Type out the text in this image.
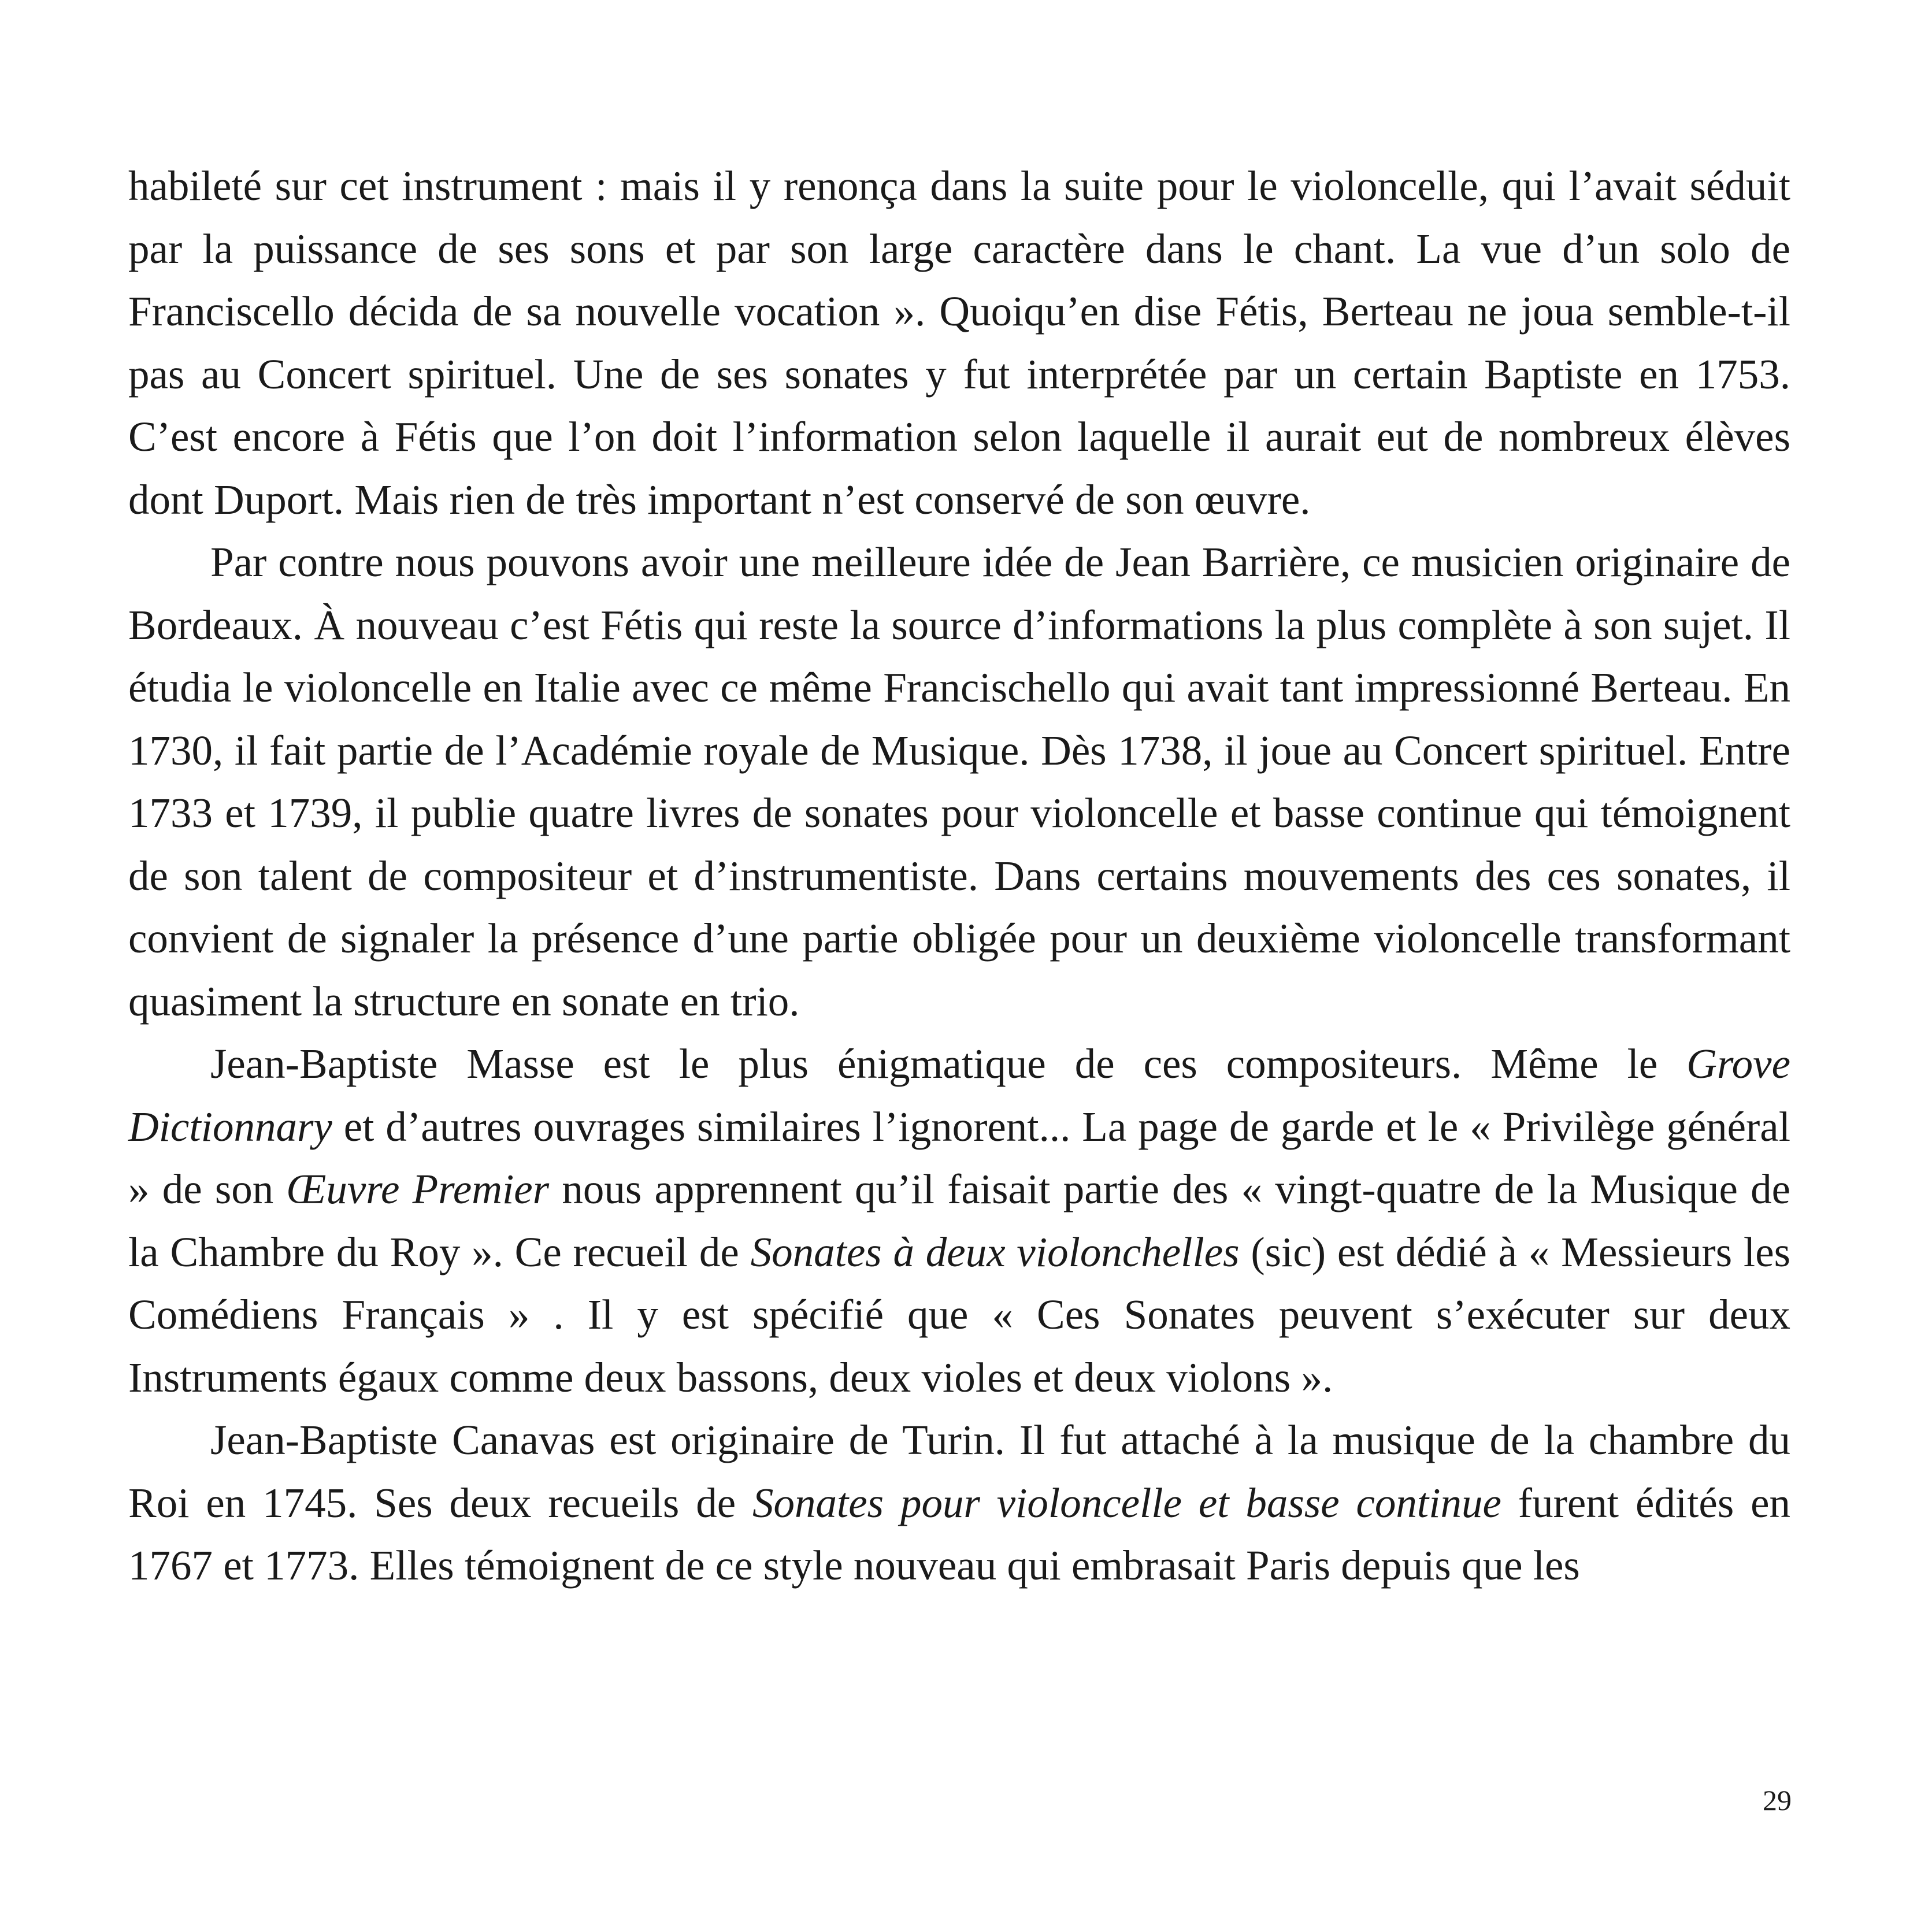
habileté sur cet instrument : mais il y renonça dans la suite pour le violoncelle, qui l’avait séduit par la puissance de ses sons et par son large caractère dans le chant. La vue d’un solo de Franciscello décida de sa nouvelle vocation ». Quoiqu’en dise Fétis, Berteau ne joua semble-t-il pas au Concert spirituel. Une de ses sonates y fut interprétée par un certain Baptiste en 1753. C’est encore à Fétis que l’on doit l’information selon laquelle il aurait eut de nombreux élèves dont Duport. Mais rien de très important n’est conservé de son œuvre.

Par contre nous pouvons avoir une meilleure idée de Jean Barrière, ce musicien originaire de Bordeaux. À nouveau c’est Fétis qui reste la source d’informations la plus complète à son sujet. Il étudia le violoncelle en Italie avec ce même Francischello qui avait tant impressionné Berteau. En 1730, il fait partie de l’Académie royale de Musique. Dès 1738, il joue au Concert spirituel. Entre 1733 et 1739, il publie quatre livres de sonates pour violoncelle et basse continue qui témoignent de son talent de compositeur et d’instrumentiste. Dans certains mouvements des ces sonates, il convient de signaler la présence d’une partie obligée pour un deuxième violoncelle transformant quasiment la structure en sonate en trio.

Jean-Baptiste Masse est le plus énigmatique de ces compositeurs. Même le Grove Dictionnary et d’autres ouvrages similaires l’ignorent... La page de garde et le « Privilège général » de son Œuvre Premier nous apprennent qu’il faisait partie des « vingt-quatre de la Musique de la Chambre du Roy ». Ce recueil de Sonates à deux violonchelles (sic) est dédié à « Messieurs les Comédiens Français » . Il y est spécifié que « Ces Sonates peuvent s’exécuter sur deux Instruments égaux comme deux bassons, deux violes et deux violons ».

Jean-Baptiste Canavas est originaire de Turin. Il fut attaché à la musique de la chambre du Roi en 1745. Ses deux recueils de Sonates pour violoncelle et basse continue furent édités en 1767 et 1773. Elles témoignent de ce style nouveau qui embrasait Paris depuis que les

29
